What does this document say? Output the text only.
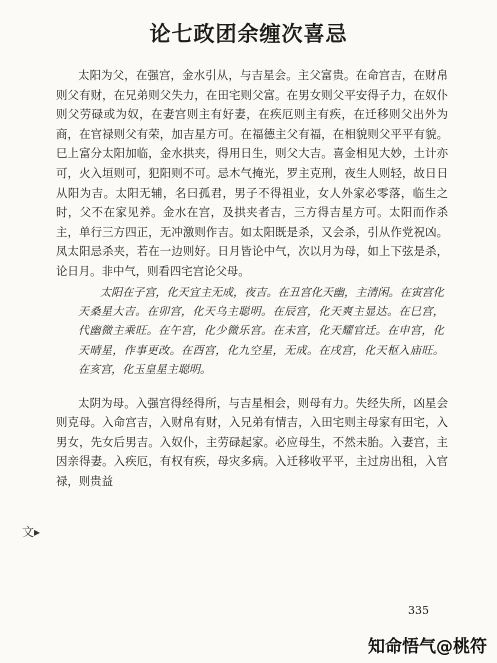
论七政团余缠次喜忌

太阳为父，在强宫，金水引从，与吉星会。主父富贵。在命宫吉，在财帛则父有财，在兄弟则父失力，在田宅则父富。在男女则父平安得子力，在奴仆则父劳碌或为奴，在妻宫则主有好妻，在疾厄则主有疾，在迁移则父出外为商，在官禄则父有荣，加吉星方可。在福德主父有福，在相貌则父平平有貌。巳上富分太阳加临，金水拱夹，得用日生，则父大吉。喜金相见大妙，土计亦可，火入垣则可，犯阳则不可。忌木气掩光，罗主克刑，夜生人则轻，故日日从阳为吉。太阳无辅，名曰孤君，男子不得祖业，女人外家必零落，临生之时，父不在家见养。金水在宫，及拱夹者吉，三方得吉星方可。太阳而作杀主，单行三方四正，无冲激则作吉。如太阳既是杀，又会杀，引从作党祝凶。凤太阳忌杀夹，若在一边则好。日月皆论中气，次以月为母，如上下弦是杀，论日月。非中气，则看四宅宫论父母。

太阳在子宫，化天宜主无成，夜吉。在丑宫化天幽，主清闲。在寅宫化天桑星大吉。在卯宫，化天乌主聪明。在辰宫，化天爽主显达。在巳宫，代幽微主乘旺。在午宫，化少微乐宫。在未宫，化天耀官迁。在申宫，化天晴星，作事更改。在酉宫，化九空星，无成。在戌宫，化天枢入庙旺。在亥宫，化玉皇星主聪明。

太阴为母。入强宫得经得所，与吉星相会，则母有力。失经失所，凶星会则克母。入命宫吉，入财帛有财，入兄弟有情吉，入田宅则主母家有田宅，入男女，先女后男吉。入奴仆，主劳碌起家。必应母生，不然未胎。入妻宫，主因亲得妻。入疾厄，有权有疾，母灾多病。入迁移收平平，主过房出租，入官禄，则贵益

文▸
335
知命悟气@桃符
